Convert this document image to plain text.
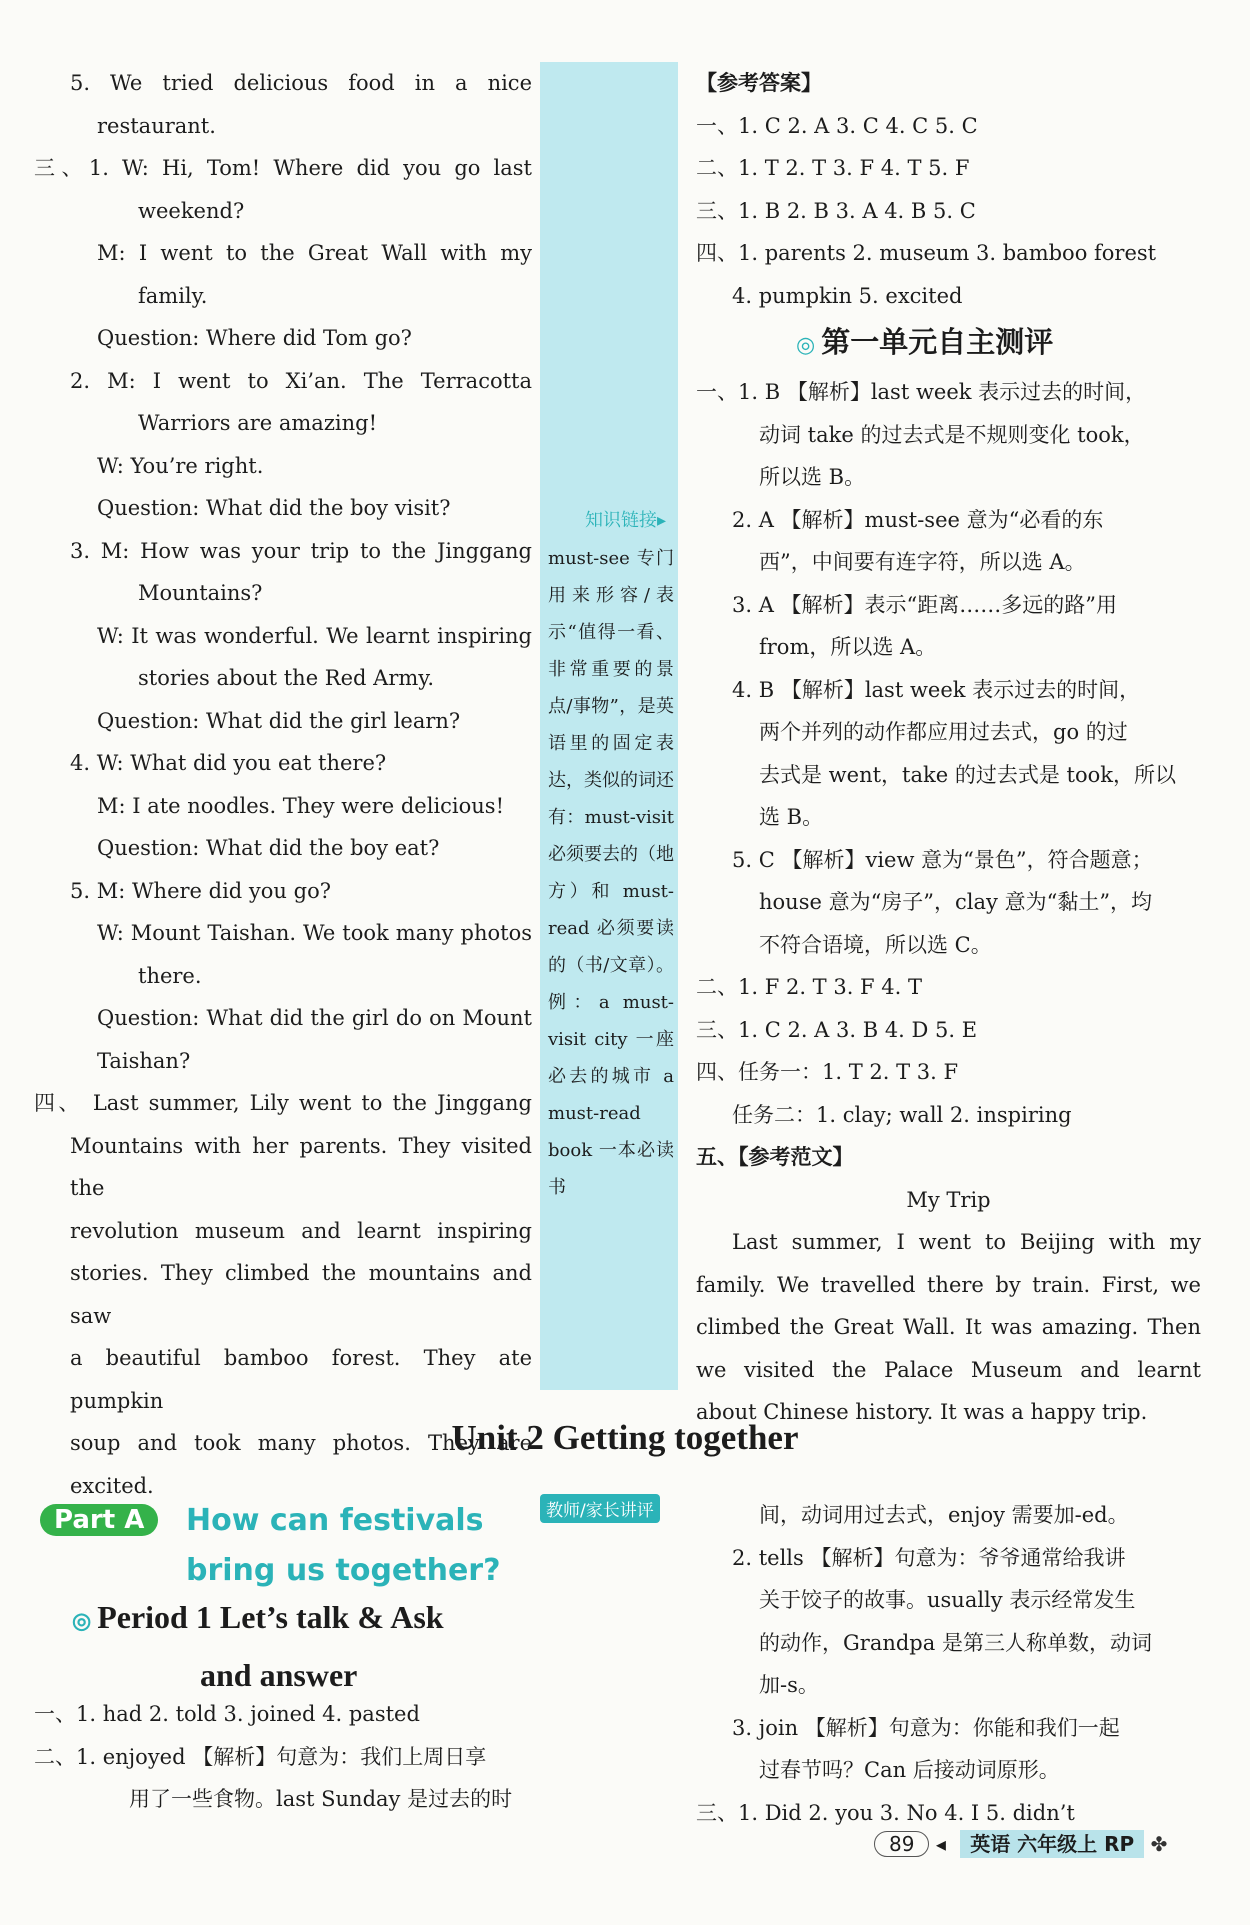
5. We tried delicious food in a nice
restaurant.
三、1. W: Hi, Tom! Where did you go last
weekend?
M: I went to the Great Wall with my
family.
Question: Where did Tom go?
2. M: I went to Xi’an. The Terracotta
Warriors are amazing!
W: You’re right.
Question: What did the boy visit?
3. M: How was your trip to the Jinggang
Mountains?
W: It was wonderful. We learnt inspiring
stories about the Red Army.
Question: What did the girl learn?
4. W: What did you eat there?
M: I ate noodles. They were delicious!
Question: What did the boy eat?
5. M: Where did you go?
W: Mount Taishan. We took many photos
there.
Question: What did the girl do on Mount
Taishan?
四、 Last summer, Lily went to the Jinggang
Mountains with her parents. They visited the
revolution museum and learnt inspiring
stories. They climbed the mountains and saw
a beautiful bamboo forest. They ate pumpkin
soup and took many photos. They are
excited.
知识链接▸
must-see 专门用来形容/表示“值得一看、非常重要的景点/事物”，是英语里的固定表达，类似的词还有：must-visit 必须要去的（地方）和 must-read 必须要读的（书/文章）。例：a must-visit city 一座必去的城市 a must-read book 一本必读书
【参考答案】
一、1. C 2. A 3. C 4. C 5. C
二、1. T 2. T 3. F 4. T 5. F
三、1. B 2. B 3. A 4. B 5. C
四、1. parents 2. museum 3. bamboo forest
4. pumpkin 5. excited
◎ 第一单元自主测评
一、1. B 【解析】last week 表示过去的时间，
动词 take 的过去式是不规则变化 took，
所以选 B。
2. A 【解析】must-see 意为“必看的东
西”，中间要有连字符，所以选 A。
3. A 【解析】表示“距离……多远的路”用
from，所以选 A。
4. B 【解析】last week 表示过去的时间，
两个并列的动作都应用过去式，go 的过
去式是 went，take 的过去式是 took，所以
选 B。
5. C 【解析】view 意为“景色”，符合题意；
house 意为“房子”，clay 意为“黏土”，均
不符合语境，所以选 C。
二、1. F 2. T 3. F 4. T
三、1. C 2. A 3. B 4. D 5. E
四、任务一：1. T 2. T 3. F
任务二：1. clay; wall 2. inspiring
五、【参考范文】
My Trip
Last summer, I went to Beijing with my
family. We travelled there by train. First, we
climbed the Great Wall. It was amazing. Then
we visited the Palace Museum and learnt
about Chinese history. It was a happy trip.
Unit 2 Getting together
Part A	How can festivals bring us together?
教师/家长讲评
◎ Period 1 Let’s talk & Ask
and answer
一、1. had 2. told 3. joined 4. pasted
二、1. enjoyed 【解析】句意为：我们上周日享
用了一些食物。last Sunday 是过去的时
间，动词用过去式，enjoy 需要加-ed。
2. tells 【解析】句意为：爷爷通常给我讲
关于饺子的故事。usually 表示经常发生
的动作，Grandpa 是第三人称单数，动词
加-s。
3. join 【解析】句意为：你能和我们一起
过春节吗？Can 后接动词原形。
三、1. Did 2. you 3. No 4. I 5. didn’t
89 ◂ 英语 六年级上 RP ✤
